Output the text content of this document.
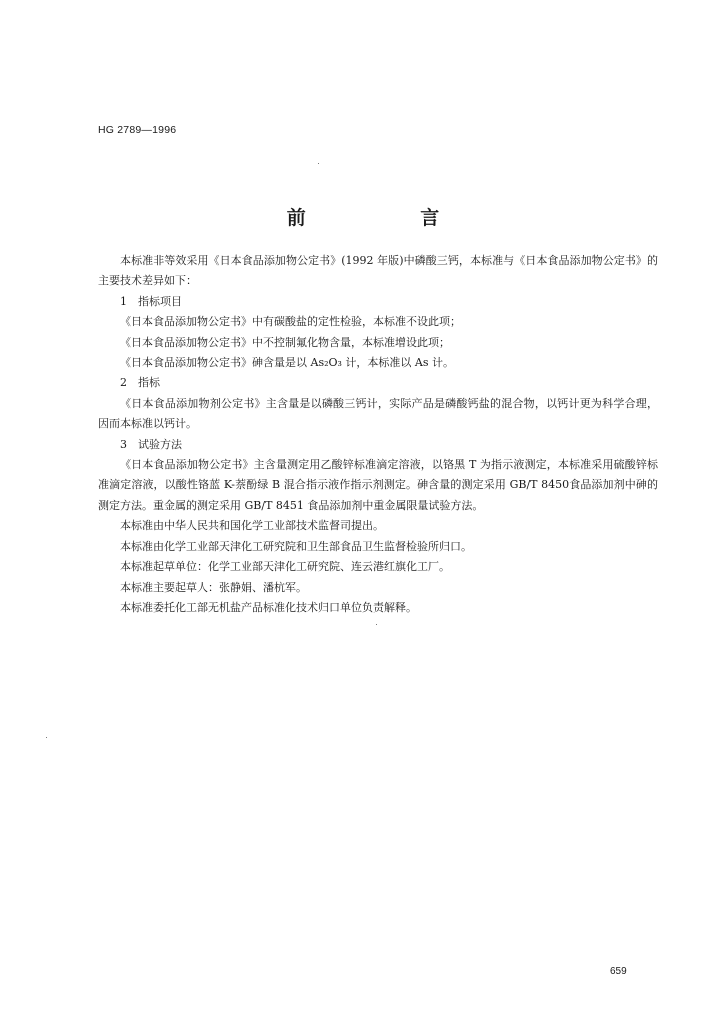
HG 2789—1996
前 言

本标准非等效采用《日本食品添加物公定书》(1992 年版)中磷酸三钙，本标准与《日本食品添加物公定书》的主要技术差异如下：

1　指标项目

《日本食品添加物公定书》中有碳酸盐的定性检验，本标准不设此项；

《日本食品添加物公定书》中不控制氟化物含量，本标准增设此项；

《日本食品添加物公定书》砷含量是以 As₂O₃ 计，本标准以 As 计。

2　指标

《日本食品添加物剂公定书》主含量是以磷酸三钙计，实际产品是磷酸钙盐的混合物，以钙计更为科学合理，因而本标准以钙计。

3　试验方法

《日本食品添加物公定书》主含量测定用乙酸锌标准滴定溶液，以铬黑 T 为指示液测定，本标准采用硫酸锌标准滴定溶液，以酸性铬蓝 K-萘酚绿 B 混合指示液作指示剂测定。砷含量的测定采用 GB/T 8450食品添加剂中砷的测定方法。重金属的测定采用 GB/T 8451 食品添加剂中重金属限量试验方法。

本标准由中华人民共和国化学工业部技术监督司提出。

本标准由化学工业部天津化工研究院和卫生部食品卫生监督检验所归口。

本标准起草单位：化学工业部天津化工研究院、连云港红旗化工厂。

本标准主要起草人：张静娟、潘杭军。

本标准委托化工部无机盐产品标准化技术归口单位负责解释。

659
